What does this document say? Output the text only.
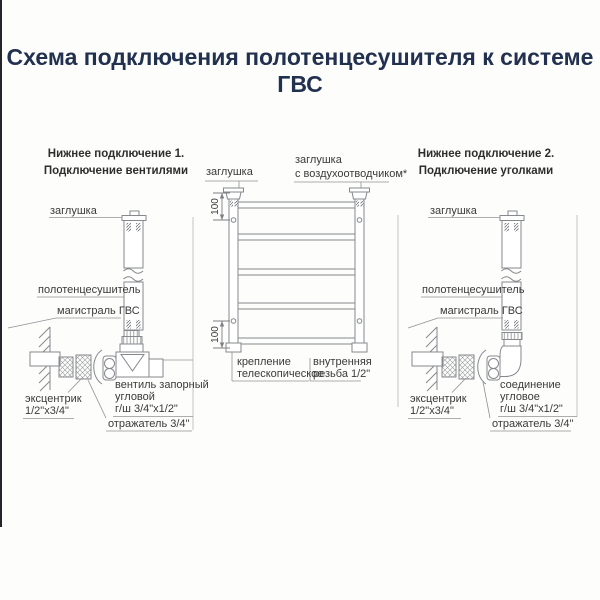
Схема подключения полотенцесушителя к системе ГВС
Нижнее подключение 1.
Подключение вентилями
Нижнее подключение 2.
Подключение уголками
заглушка
полотенцесушитель
магистраль ГВС
эксцентрик
1/2"х3/4"
вентиль запорный
угловой
г/ш 3/4"х1/2"
отражатель 3/4"
заглушка
заглушка
с воздухоотводчиком*
крепление
телескопическое
внутренняя
резьба 1/2"
заглушка
полотенцесушитель
магистраль ГВС
эксцентрик
1/2"х3/4"
соединение
угловое
г/ш 3/4"х1/2"
отражатель 3/4"
100
100
